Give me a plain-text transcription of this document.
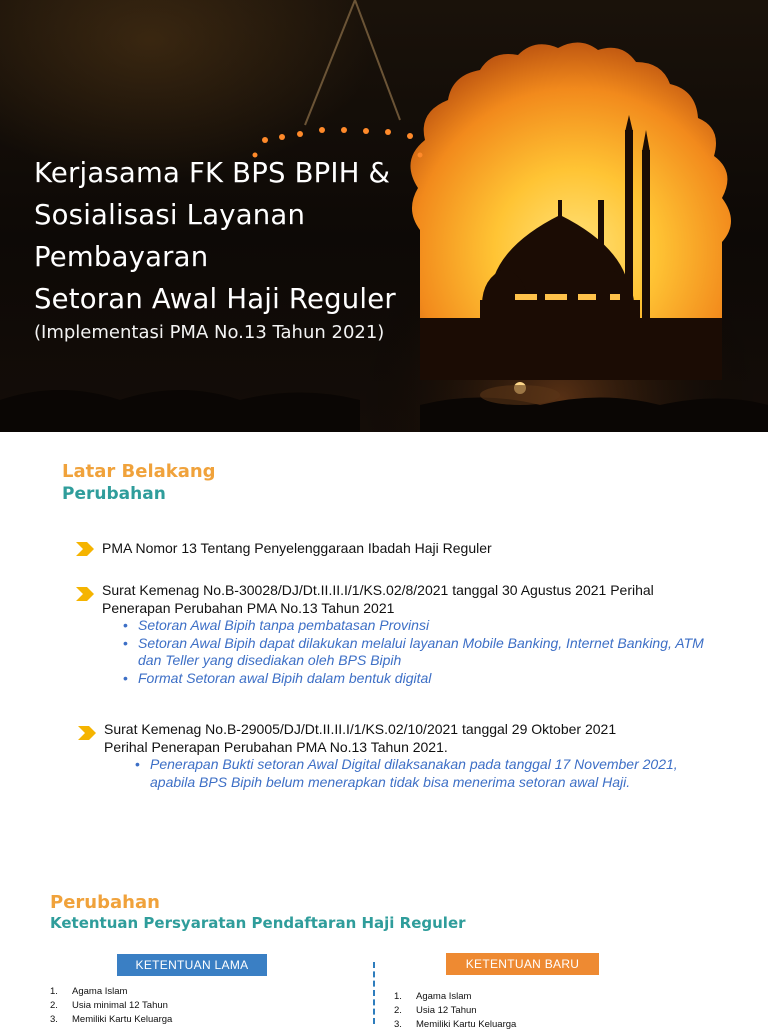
Kerjasama FK BPS BPIH &
Sosialisasi Layanan
Pembayaran
Setoran Awal Haji Reguler
(Implementasi PMA No.13 Tahun 2021)
Latar Belakang
Perubahan
PMA Nomor 13 Tentang Penyelenggaraan Ibadah Haji Reguler
Surat Kemenag No.B-30028/DJ/Dt.II.II.I/1/KS.02/8/2021 tanggal 30 Agustus 2021 Perihal
Penerapan Perubahan PMA No.13 Tahun 2021
• Setoran Awal Bipih tanpa pembatasan Provinsi
• Setoran Awal Bipih dapat dilakukan melalui layanan Mobile Banking, Internet Banking, ATM dan Teller yang disediakan oleh BPS Bipih
• Format Setoran awal Bipih dalam bentuk digital
Surat Kemenag No.B-29005/DJ/Dt.II.II.I/1/KS.02/10/2021 tanggal 29 Oktober 2021
Perihal Penerapan Perubahan PMA No.13 Tahun 2021.
• Penerapan Bukti setoran Awal Digital dilaksanakan pada tanggal 17 November 2021, apabila BPS Bipih belum menerapkan tidak bisa menerima setoran awal Haji.
Perubahan
Ketentuan Persyaratan Pendaftaran Haji Reguler
KETENTUAN LAMA	KETENTUAN BARU
1. Agama Islam
2. Usia minimal 12 Tahun
3. Memiliki Kartu Keluarga
1. Agama Islam
2. Usia 12 Tahun
3. Memiliki Kartu Keluarga
